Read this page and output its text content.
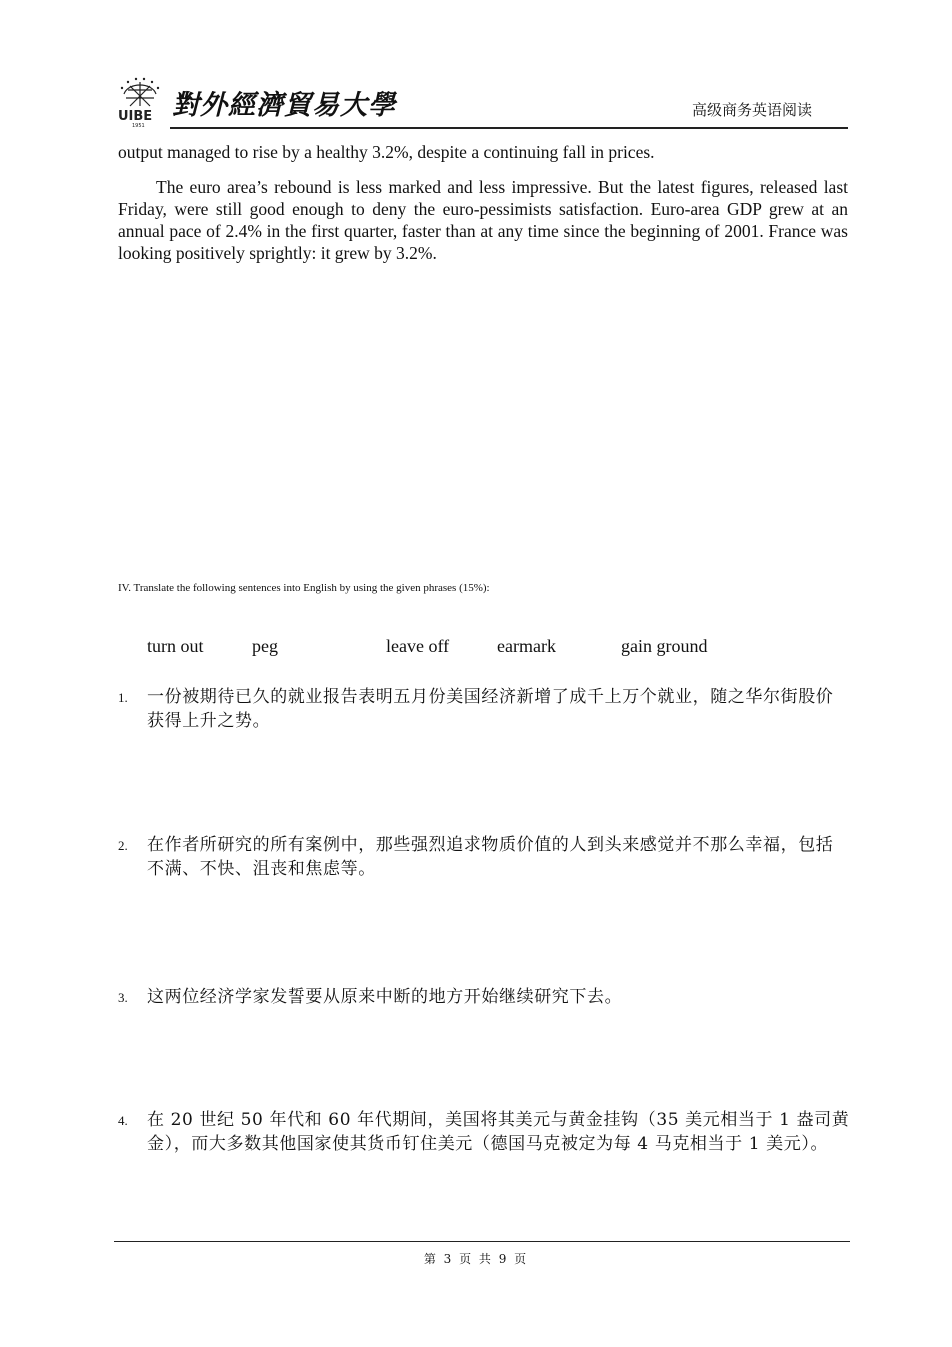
UIBE
1951
對外經濟貿易大學	高级商务英语阅读

output managed to rise by a healthy 3.2%, despite a continuing fall in prices.

The euro area’s rebound is less marked and less impressive. But the latest figures, released last Friday, were still good enough to deny the euro-pessimists satisfaction. Euro-area GDP grew at an annual pace of 2.4% in the first quarter, faster than at any time since the beginning of 2001. France was looking positively sprightly: it grew by 3.2%.

IV. Translate the following sentences into English by using the given phrases (15%):

turn out	peg	leave off	earmark	gain ground
1. 一份被期待已久的就业报告表明五月份美国经济新增了成千上万个就业，随之华尔街股价获得上升之势。
2. 在作者所研究的所有案例中，那些强烈追求物质价值的人到头来感觉并不那么幸福，包括不满、不快、沮丧和焦虑等。
3. 这两位经济学家发誓要从原来中断的地方开始继续研究下去。
4. 在 20 世纪 50 年代和 60 年代期间，美国将其美元与黄金挂钩（35 美元相当于 1 盎司黄金），而大多数其他国家使其货币钉住美元（德国马克被定为每 4 马克相当于 1 美元）。
第 3 页 共 9 页
